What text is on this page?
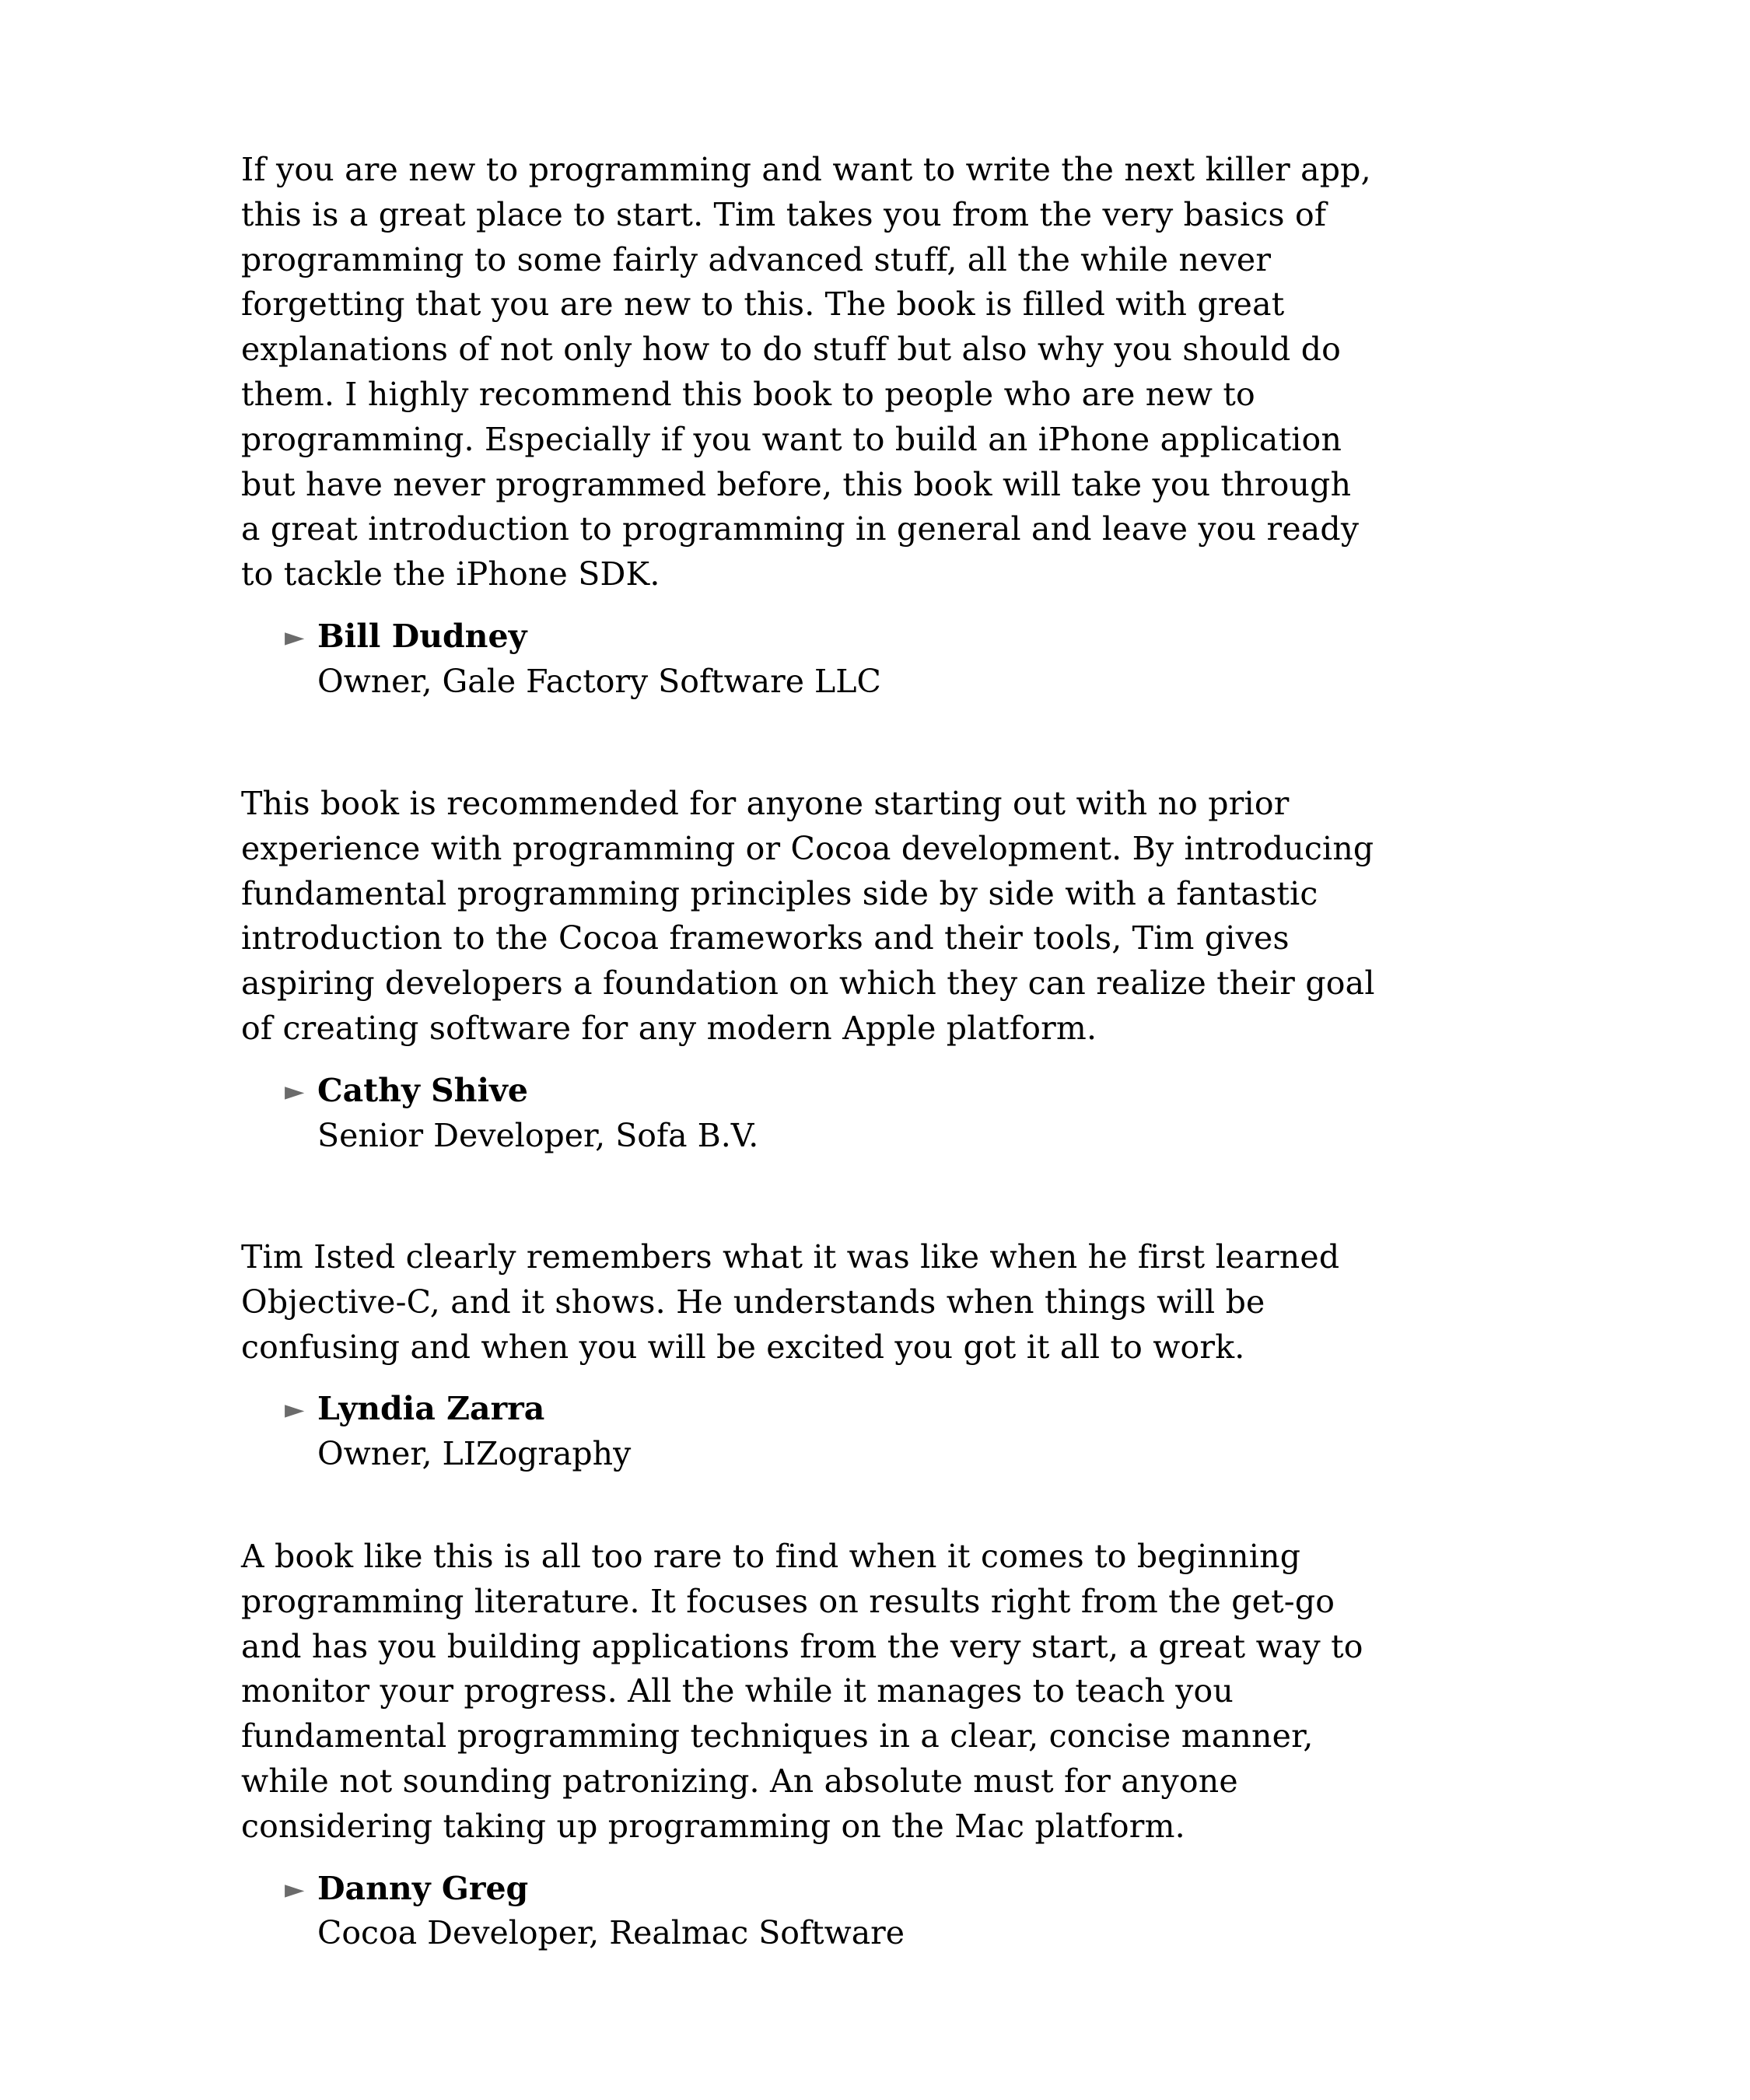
If you are new to programming and want to write the next killer app, this is a great place to start. Tim takes you from the very basics of programming to some fairly advanced stuff, all the while never forgetting that you are new to this. The book is filled with great explanations of not only how to do stuff but also why you should do them. I highly recommend this book to people who are new to programming. Especially if you want to build an iPhone application but have never programmed before, this book will take you through a great introduction to programming in general and leave you ready to tackle the iPhone SDK.

► Bill Dudney
Owner, Gale Factory Software LLC

This book is recommended for anyone starting out with no prior experience with programming or Cocoa development. By introducing fundamental programming principles side by side with a fantastic introduction to the Cocoa frameworks and their tools, Tim gives aspiring developers a foundation on which they can realize their goal of creating software for any modern Apple platform.

► Cathy Shive
Senior Developer, Sofa B.V.

Tim Isted clearly remembers what it was like when he first learned Objective-C, and it shows. He understands when things will be confusing and when you will be excited you got it all to work.

► Lyndia Zarra
Owner, LIZography

A book like this is all too rare to find when it comes to beginning programming literature. It focuses on results right from the get-go and has you building applications from the very start, a great way to monitor your progress. All the while it manages to teach you fundamental programming techniques in a clear, concise manner, while not sounding patronizing. An absolute must for anyone considering taking up programming on the Mac platform.

► Danny Greg
Cocoa Developer, Realmac Software
